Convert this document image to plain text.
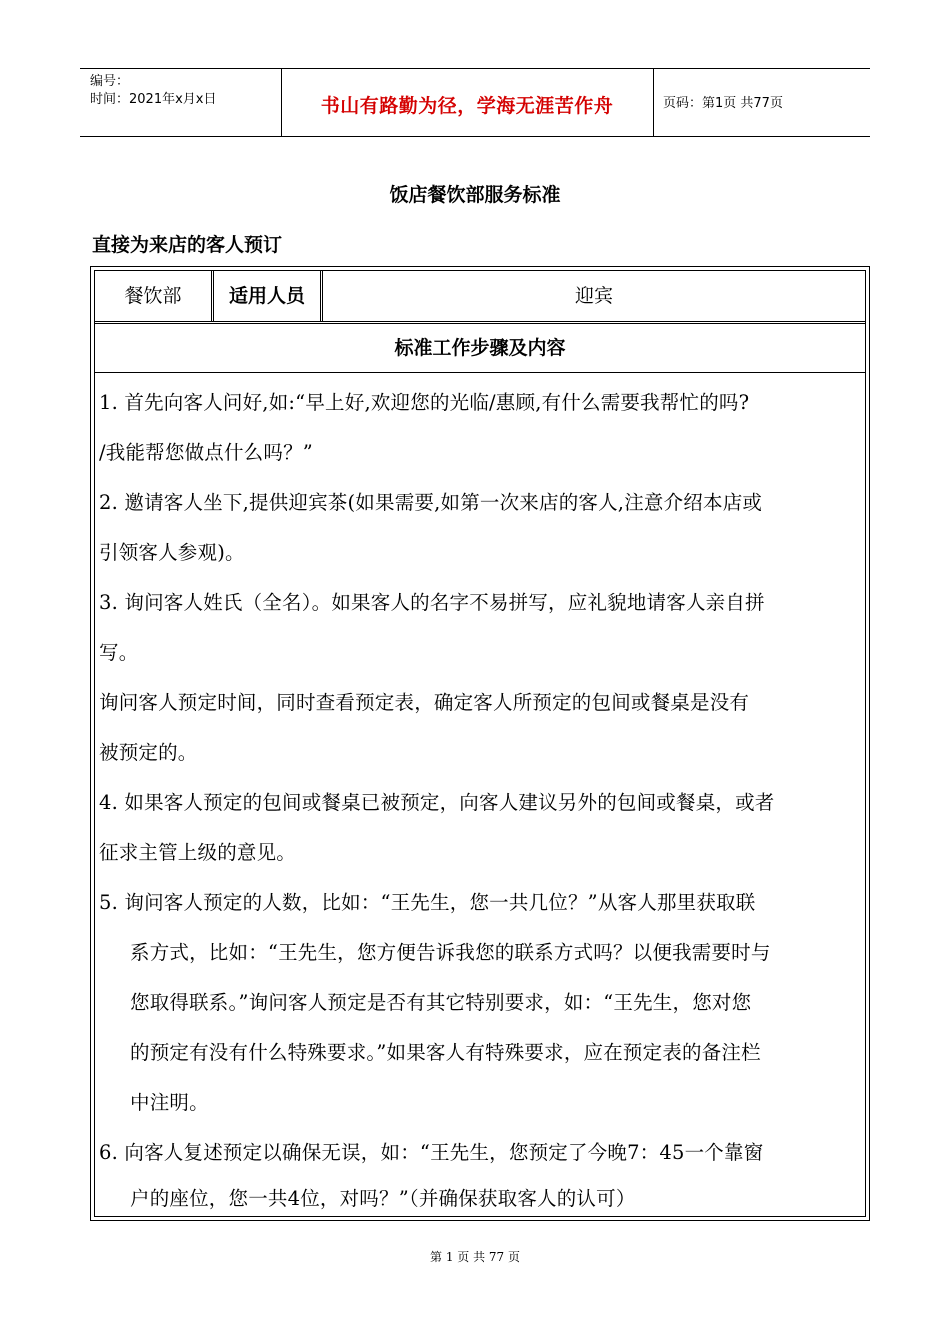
编号：
时间：2021年x月x日	书山有路勤为径，学海无涯苦作舟	页码：第1页 共77页
饭店餐饮部服务标准
直接为来店的客人预订
餐饮部	适用人员	迎宾
标准工作步骤及内容
1. 首先向客人问好,如:“早上好,欢迎您的光临/惠顾,有什么需要我帮忙的吗?
/我能帮您做点什么吗？”
2. 邀请客人坐下,提供迎宾茶(如果需要,如第一次来店的客人,注意介绍本店或
引领客人参观)。
3. 询问客人姓氏（全名）。如果客人的名字不易拼写，应礼貌地请客人亲自拼
写。
询问客人预定时间，同时查看预定表，确定客人所预定的包间或餐桌是没有
被预定的。
4. 如果客人预定的包间或餐桌已被预定，向客人建议另外的包间或餐桌，或者
征求主管上级的意见。
5. 询问客人预定的人数，比如：“王先生，您一共几位？”从客人那里获取联
系方式，比如：“王先生，您方便告诉我您的联系方式吗？以便我需要时与
您取得联系。”询问客人预定是否有其它特别要求，如：“王先生，您对您
的预定有没有什么特殊要求。”如果客人有特殊要求，应在预定表的备注栏
中注明。
6. 向客人复述预定以确保无误，如：“王先生，您预定了今晚7：45一个靠窗
户的座位，您一共4位，对吗？”（并确保获取客人的认可）
第 1 页 共 77 页
